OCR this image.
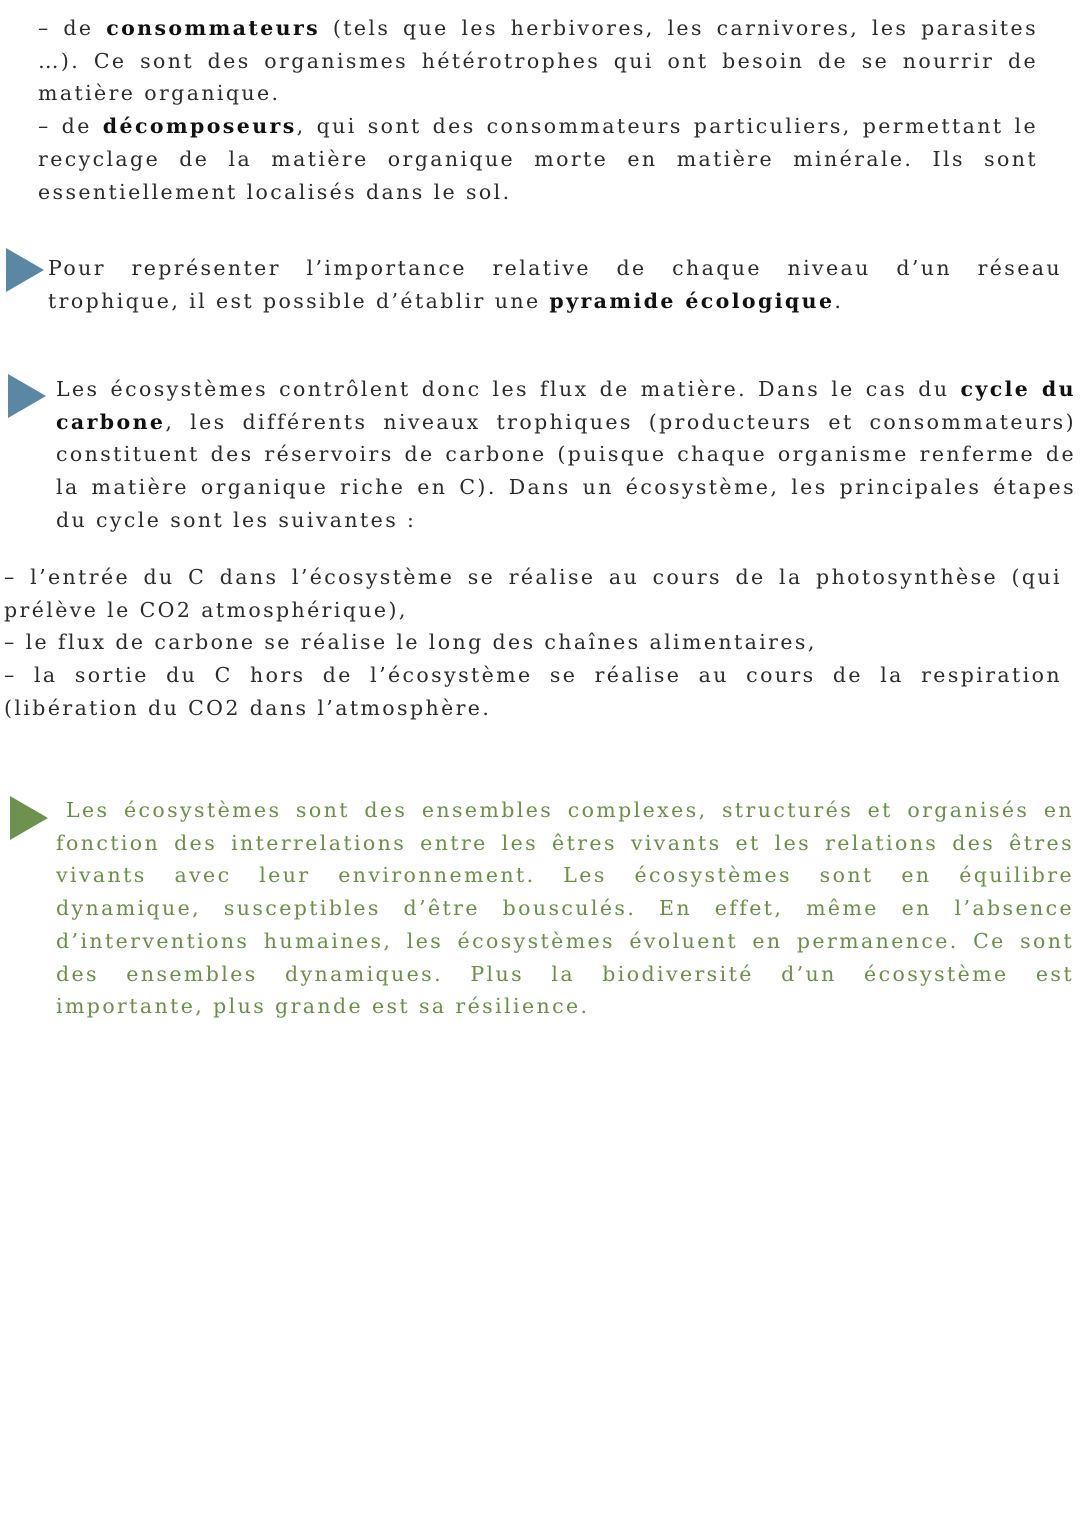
– de consommateurs (tels que les herbivores, les carnivores, les parasites …). Ce sont des organismes hétérotrophes qui ont besoin de se nourrir de matière organique.

– de décomposeurs, qui sont des consommateurs particuliers, permettant le recyclage de la matière organique morte en matière minérale. Ils sont essentiellement localisés dans le sol.

Pour représenter l’importance relative de chaque niveau d’un réseau trophique, il est possible d’établir une pyramide écologique.

Les écosystèmes contrôlent donc les flux de matière. Dans le cas du cycle du carbone, les différents niveaux trophiques (producteurs et consommateurs) constituent des réservoirs de carbone (puisque chaque organisme renferme de la matière organique riche en C). Dans un écosystème, les principales étapes du cycle sont les suivantes :

– l’entrée du C dans l’écosystème se réalise au cours de la photosynthèse (qui prélève le CO2 atmosphérique),

– le flux de carbone se réalise le long des chaînes alimentaires,

– la sortie du C hors de l’écosystème se réalise au cours de la respiration (libération du CO2 dans l’atmosphère.

Les écosystèmes sont des ensembles complexes, structurés et organisés en fonction des interrelations entre les êtres vivants et les relations des êtres vivants avec leur environnement. Les écosystèmes sont en équilibre dynamique, susceptibles d’être bousculés. En effet, même en l’absence d’interventions humaines, les écosystèmes évoluent en permanence. Ce sont des ensembles dynamiques. Plus la biodiversité d’un écosystème est importante, plus grande est sa résilience.
